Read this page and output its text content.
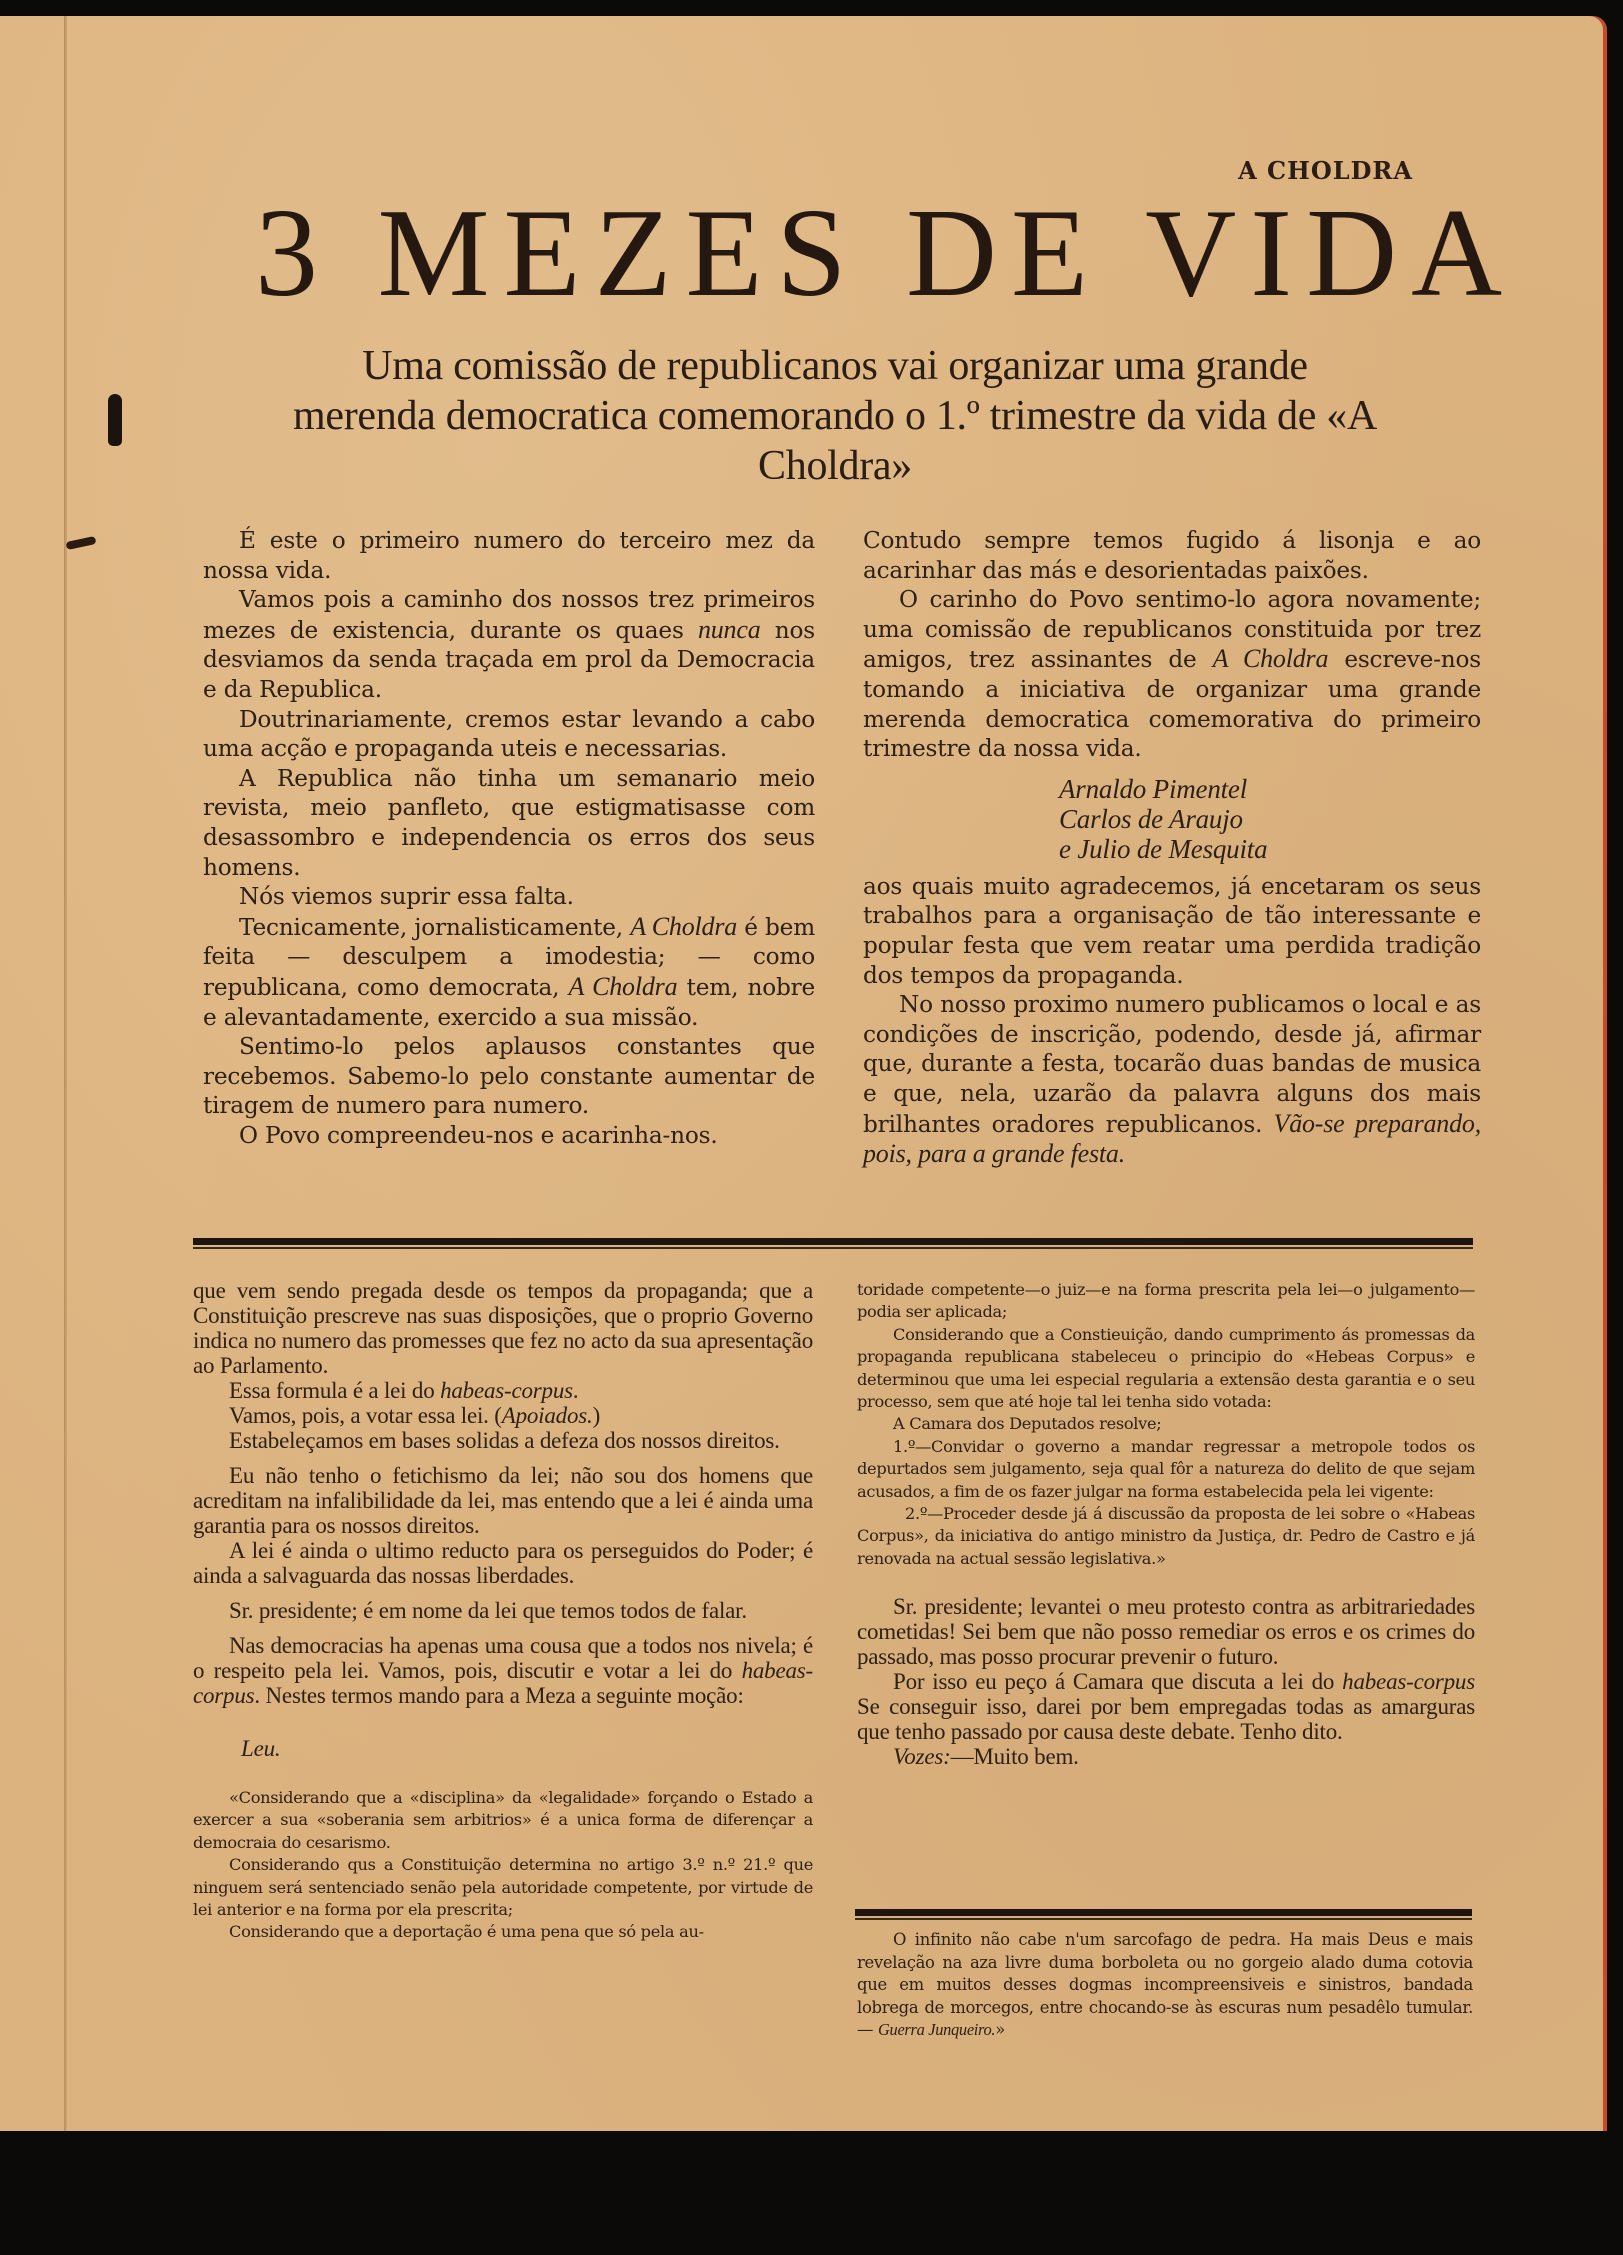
A CHOLDRA
3 MEZES DE VIDA
Uma comissão de republicanos vai organizar uma grande merenda democratica comemorando o 1.º trimestre da vida de «A Choldra»

É este o primeiro numero do terceiro mez da nossa vida.

Vamos pois a caminho dos nossos trez primeiros mezes de existencia, durante os quaes nunca nos desviamos da senda traçada em prol da Democracia e da Republica.

Doutrinariamente, cremos estar levando a cabo uma acção e propaganda uteis e necessarias.

A Republica não tinha um semanario meio revista, meio panfleto, que estigmatisasse com desassombro e independencia os erros dos seus homens.

Nós viemos suprir essa falta.

Tecnicamente, jornalisticamente, A Choldra é bem feita — desculpem a imodestia; — como republicana, como democrata, A Choldra tem, nobre e alevantadamente, exercido a sua missão.

Sentimo-lo pelos aplausos constantes que recebemos. Sabemo-lo pelo constante aumentar de tiragem de numero para numero.

O Povo compreendeu-nos e acarinha-nos.

Contudo sempre temos fugido á lisonja e ao acarinhar das más e desorientadas paixões.

O carinho do Povo sentimo-lo agora novamente; uma comissão de republicanos constituida por trez amigos, trez assinantes de A Choldra escreve-nos tomando a iniciativa de organizar uma grande merenda democratica comemorativa do primeiro trimestre da nossa vida.

Arnaldo Pimentel
Carlos de Araujo
e Julio de Mesquita

aos quais muito agradecemos, já encetaram os seus trabalhos para a organisação de tão interessante e popular festa que vem reatar uma perdida tradição dos tempos da propaganda.

No nosso proximo numero publicamos o local e as condições de inscrição, podendo, desde já, afirmar que, durante a festa, tocarão duas bandas de musica e que, nela, uzarão da palavra alguns dos mais brilhantes oradores republicanos. Vão-se preparando, pois, para a grande festa.

que vem sendo pregada desde os tempos da propaganda; que a Constituição prescreve nas suas disposições, que o proprio Governo indica no numero das promesses que fez no acto da sua apresentação ao Parlamento.

Essa formula é a lei do habeas-corpus.

Vamos, pois, a votar essa lei. (Apoiados.)

Estabeleçamos em bases solidas a defeza dos nossos direitos.

Eu não tenho o fetichismo da lei; não sou dos homens que acreditam na infalibilidade da lei, mas entendo que a lei é ainda uma garantia para os nossos direitos.

A lei é ainda o ultimo reducto para os perseguidos do Poder; é ainda a salvaguarda das nossas liberdades.

Sr. presidente; é em nome da lei que temos todos de falar.

Nas democracias ha apenas uma cousa que a todos nos nivela; é o respeito pela lei. Vamos, pois, discutir e votar a lei do habeas-corpus. Nestes termos mando para a Meza a seguinte moção:

Leu.

«Considerando que a «disciplina» da «legalidade» forçando o Estado a exercer a sua «soberania sem arbitrios» é a unica forma de diferençar a democraia do cesarismo.

Considerando qus a Constituição determina no artigo 3.º n.º 21.º que ninguem será sentenciado senão pela autoridade competente, por virtude de lei anterior e na forma por ela prescrita;

Considerando que a deportação é uma pena que só pela au-

toridade competente—o juiz—e na forma prescrita pela lei—o julgamento—podia ser aplicada;

Considerando que a Constieuição, dando cumprimento ás promessas da propaganda republicana stabeleceu o principio do «Hebeas Corpus» e determinou que uma lei especial regularia a extensão desta garantia e o seu processo, sem que até hoje tal lei tenha sido votada:

A Camara dos Deputados resolve;

1.º—Convidar o governo a mandar regressar a metropole todos os depurtados sem julgamento, seja qual fôr a natureza do delito de que sejam acusados, a fim de os fazer julgar na forma estabelecida pela lei vigente:

2.º—Proceder desde já á discussão da proposta de lei sobre o «Habeas Corpus», da iniciativa do antigo ministro da Justiça, dr. Pedro de Castro e já renovada na actual sessão legislativa.»

Sr. presidente; levantei o meu protesto contra as arbitrariedades cometidas! Sei bem que não posso remediar os erros e os crimes do passado, mas posso procurar prevenir o futuro.

Por isso eu peço á Camara que discuta a lei do habeas-corpus Se conseguir isso, darei por bem empregadas todas as amarguras que tenho passado por causa deste debate. Tenho dito.

Vozes:—Muito bem.

O infinito não cabe n'um sarcofago de pedra. Ha mais Deus e mais revelação na aza livre duma borboleta ou no gorgeio alado duma cotovia que em muitos desses dogmas incompreensiveis e sinistros, bandada lobrega de morcegos, entre chocando-se às escuras num pesadêlo tumular. — Guerra Junqueiro.»
